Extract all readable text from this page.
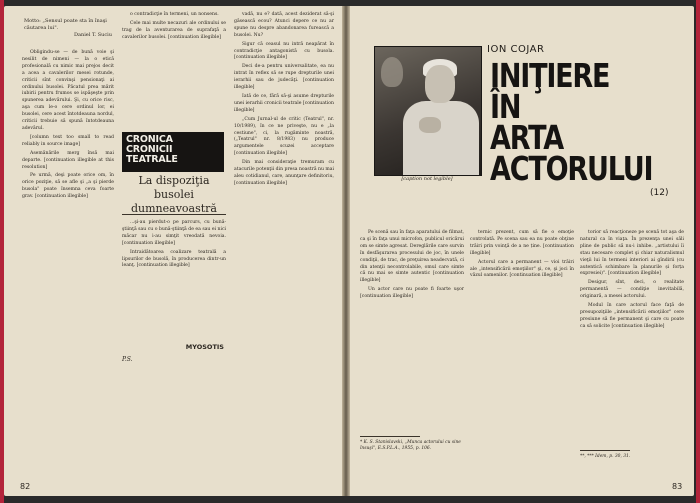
Motto: „Sensul poate sta în înaşi căutarea lui".
Daniel T. Suciu

Obligindu-se — de bună voie şi nesilit de nimeni — la o etică profesională cu nimic mai prejos decit a acea a cavalerilor mesei rotunde, criticii sînt convinşi pensionaţi ai ordinului busolei. Păcatul prea mărit iubirii pentru frumos se ispăşeşte prin spunerea adevărului. Şi, cu orice risc, aşa cum le-o cere ordinul lor, ei busolei, cere acest întotdeauna nordul, criticii trebuie să spună întotdeauna adevărul.

[column text too small to read reliably in source image]

Asemănările merg însă mai departe. [continuation illegible at this resolution]

Pe urmă, deşi poate orice om, în orice poziţie, să se afle şi „a şi pierde busola" poate însemna ceva foarte grav. [continuation illegible]

o contradicţie în termeni, un nonsens.

Cele mai multe necazuri ale ordinului se trag de la aventurarea de suprafaţă a cavalerilor busolei. [continuation illegible]

CRONICA CRONICII TEATRALE
La dispoziţia busolei dumneavoastră

...şi-au pierdut-o pe parcurs, cu bună-ştiinţă sau cu o bună-ştiinţă de ea sau ei nici măcar nu i-au simţit vreodată nevoia. [continuation illegible]

Intraidătoarea coalizare teatrală a lipsurilor de busolă, în producerea dintr-un leanţ. [continuation illegible]

MYOSOTIS
P.S.

vadă, nu e? dată, acest deziderat să-şi găsească ecou? Atunci depere ce nu ar spune nu despre abandonarea furească a busolei. Nu?

Sigur că ceasul nu intră neapărat în contradicţie antagonistă cu busola. [continuation illegible]

Deci de-a pentru universalitate, ea nu intrat în reflex să se rupe drepturile unei ierarhii sau de judecăţi. [continuation illegible]

Iată de ce, fără să-şi asume drepturile unei ierarhii cronicii teatrale [continuation illegible]

„Cum Jurnal-ul de critic (Teatrul", nr. 10/1989), în ce ne priveşte, nu e „la cestiune", ci, la rugăminte noastră, („Teatrul" nr. 8/1983) nu produce argumentele scuzei acceptare [continuation illegible]

Din mai consideraţie tremuram cu atacurile potenţii din presa noastră nu mai aleu cotidianul, care, anunţare definitoriu, [continuation illegible]

82
[caption not legible]
ION COJAR
INIŢIERE
ÎN
ARTA
ACTORULUI
(12)

Pe scenă sau în faţa aparatului de filmat, ca şi în faţa unui microfon, publicul oricărui om se simte agresat. Dereglările care survin în desfăşurarea procesului de joc, în unele condiţii, de trac, de preţuirea neadecvată, ci din atenţii necontrolabile, omul care simte că nu mai se simte autentic [continuation illegible]

Un actor care nu poate fi foarte uşor [continuation illegible]

* K. S. Stanislavski, „Munca actorului cu sine însuşi", E.S.P.L.A., 1955, p. 106.

ternic prezent, cum să fie o emoţie controlată. Pe scena sau ea nu poate obţine trăiri prin voinţă de a ne ține. [continuation illegible]

Actorul care a permanent — vioi trăiri ale „intensificării emoţiilor" şi, ce, şi joci în văzul oamenilor. [continuation illegible]

torior să reacţioneze pe scenă tot aşa de natural ca în viaţa. În prezenţa unei săli pline de public să nu-i inhibe. „artistului îi stau necesare complet şi chiar naturalismul vieţii lui în termeni interiori ai gîndirii (cu autentică schimbare la planurile și forța expresiei)". [continuation illegible]

Desigur, sînt, deci, o realitate permanentă — condiţie inevitabilă, originară, a mesei actorului.

Modul în care actorul face faţă de presupoziţiile „intensificării emoţiilor" cere presiune să fie permanent şi care cu poate ca să solicite [continuation illegible]

**, *** Idem, p. 30, 31.
83
